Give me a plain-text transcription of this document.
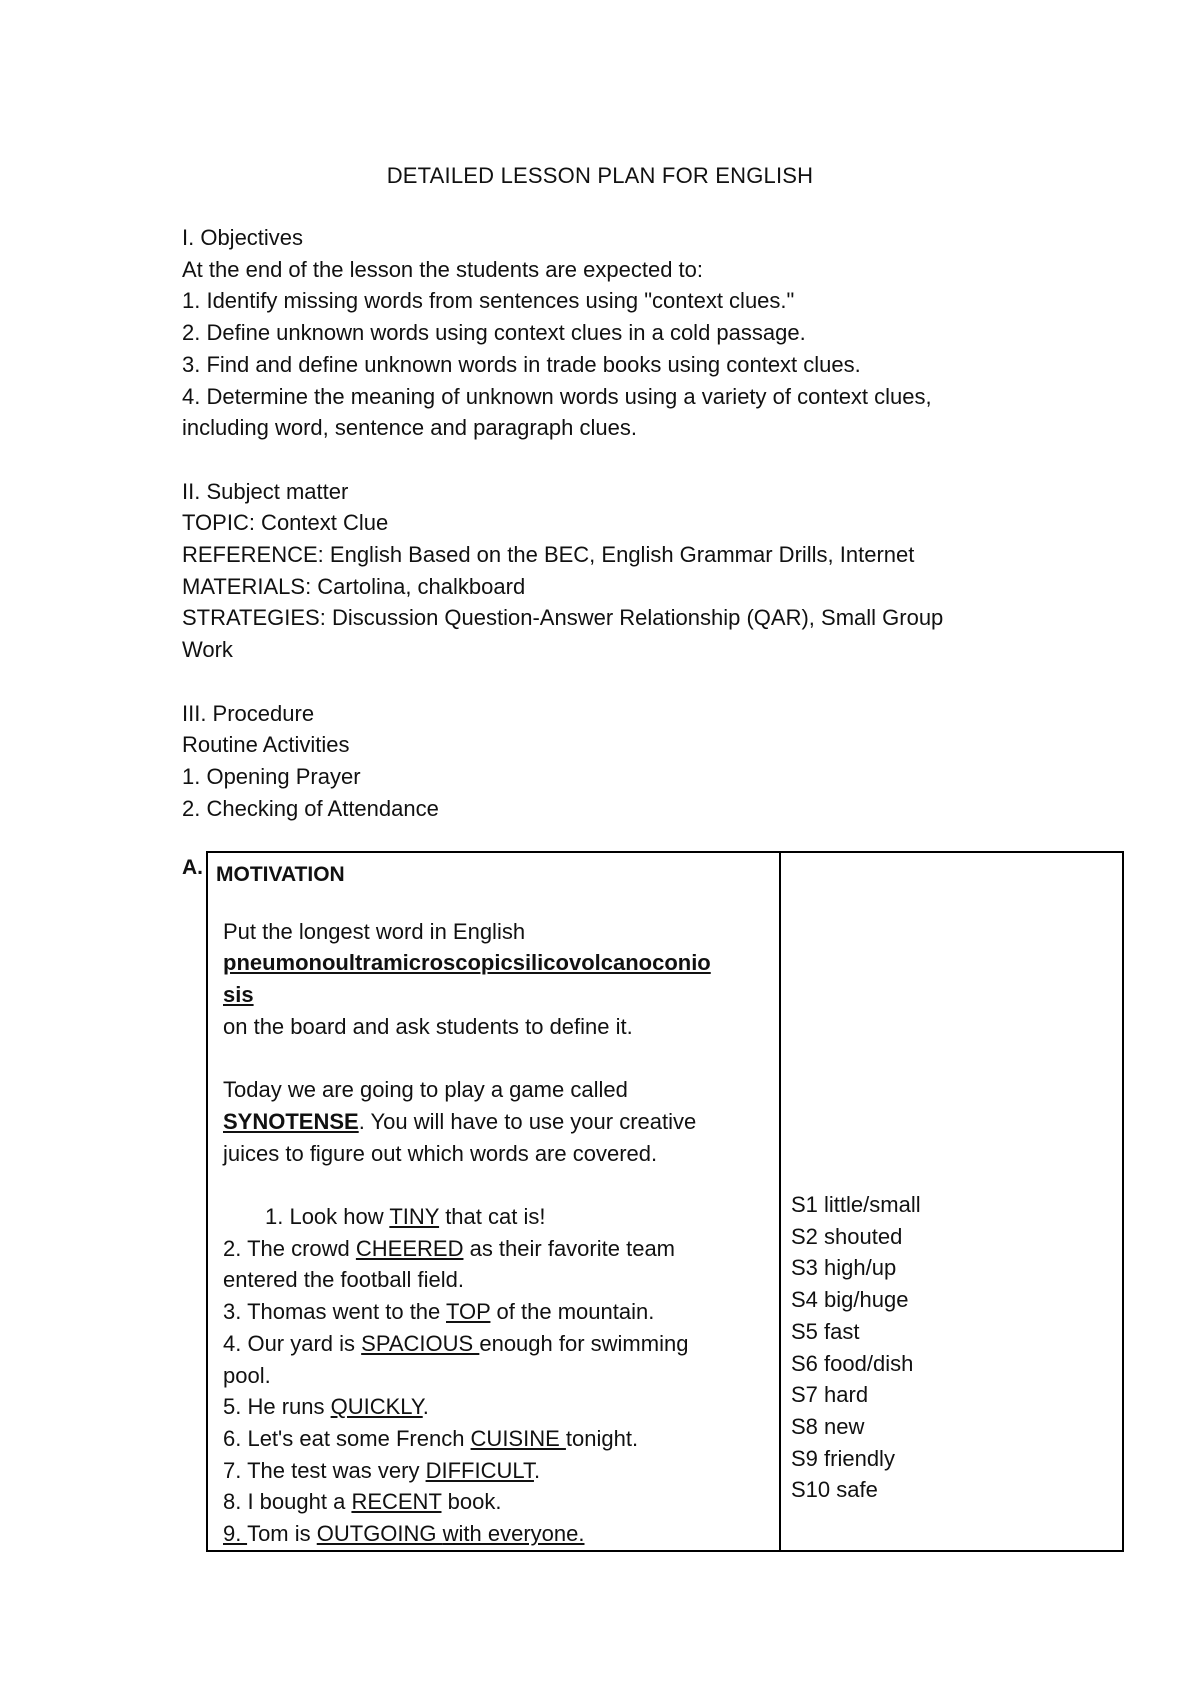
DETAILED LESSON PLAN FOR ENGLISH
I. Objectives
At the end of the lesson the students are expected to:
1. Identify missing words from sentences using "context clues."
2. Define unknown words using context clues in a cold passage.
3. Find and define unknown words in trade books using context clues.
4. Determine the meaning of unknown words using a variety of context clues,
including word, sentence and paragraph clues.
II. Subject matter
TOPIC: Context Clue
REFERENCE: English Based on the BEC, English Grammar Drills, Internet
MATERIALS: Cartolina, chalkboard
STRATEGIES: Discussion Question-Answer Relationship (QAR), Small Group
Work
III. Procedure
Routine Activities
1. Opening Prayer
2. Checking of Attendance
A. MOTIVATION
Put the longest word in English
pneumonoultramicroscopicsilicovolcanoconio
sis
on the board and ask students to define it.
Today we are going to play a game called
SYNOTENSE. You will have to use your creative
juices to figure out which words are covered.
1. Look how TINY that cat is!
2. The crowd CHEERED as their favorite team
entered the football field.
3. Thomas went to the TOP of the mountain.
4. Our yard is SPACIOUS enough for swimming
pool.
5. He runs QUICKLY.
6. Let's eat some French CUISINE tonight.
7. The test was very DIFFICULT.
8. I bought a RECENT book.
9. Tom is OUTGOING with everyone.

S1 little/small
S2 shouted
S3 high/up
S4 big/huge
S5 fast
S6 food/dish
S7 hard
S8 new
S9 friendly
S10 safe
